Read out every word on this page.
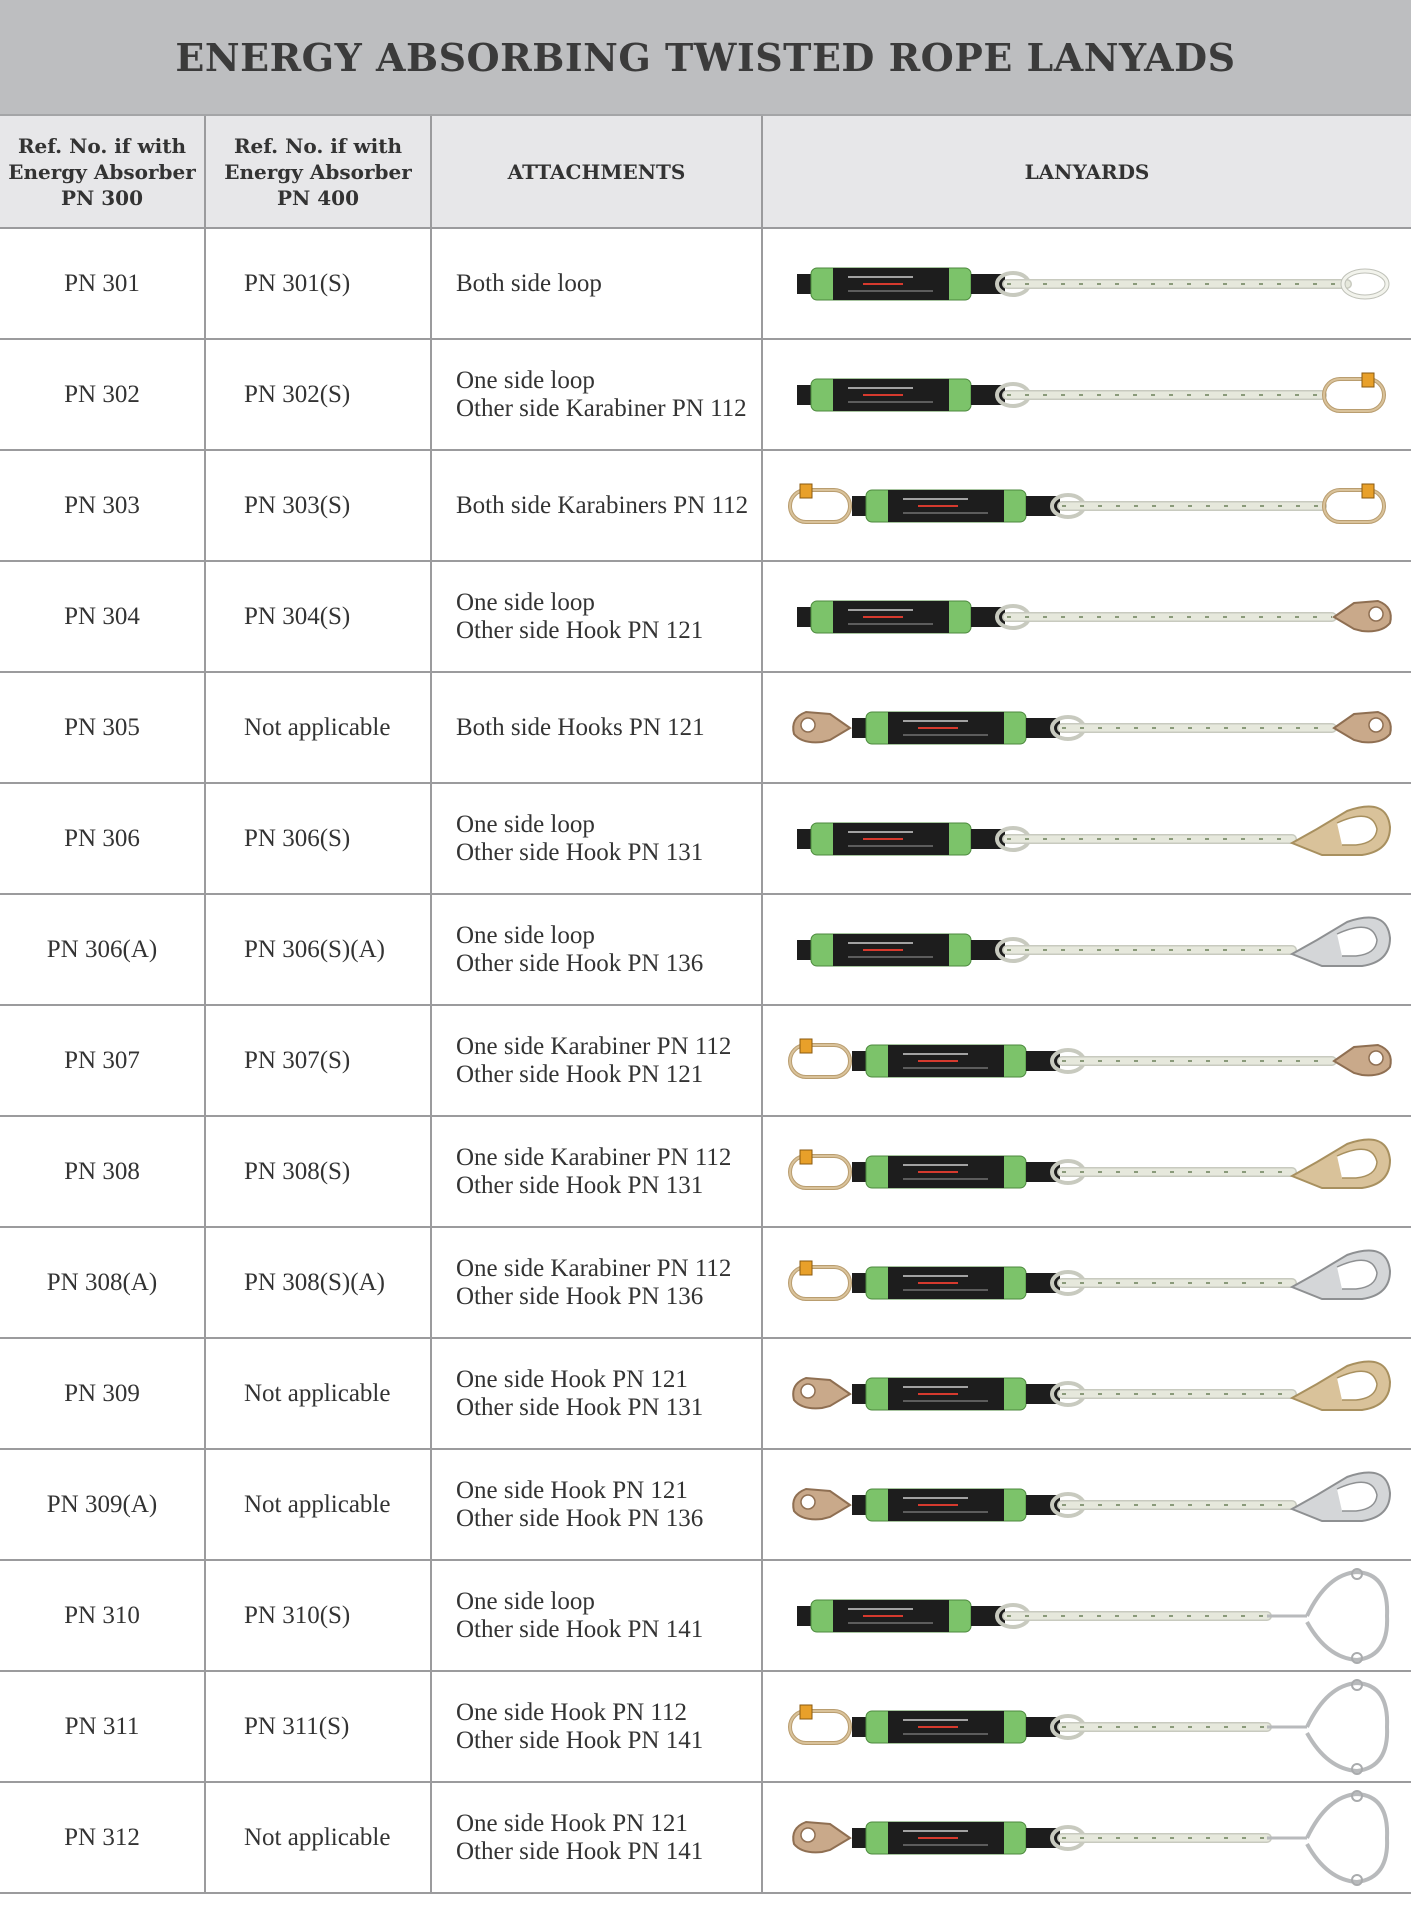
ENERGY ABSORBING TWISTED ROPE LANYADS
Ref. No. if with
Energy Absorber
PN 300	Ref. No. if with
Energy Absorber
PN 400	ATTACHMENTS	LANYARDS
PN 301	PN 301(S)	Both side loop

PN 302	PN 302(S)	One side loop
Other side Karabiner PN 112

PN 303	PN 303(S)	Both side Karabiners PN 112

PN 304	PN 304(S)	One side loop
Other side Hook PN 121

PN 305	Not applicable	Both side Hooks PN 121

PN 306	PN 306(S)	One side loop
Other side Hook PN 131

PN 306(A)	PN 306(S)(A)	One side loop
Other side Hook PN 136

PN 307	PN 307(S)	One side Karabiner PN 112
Other side Hook PN 121

PN 308	PN 308(S)	One side Karabiner PN 112
Other side Hook PN 131

PN 308(A)	PN 308(S)(A)	One side Karabiner PN 112
Other side Hook PN 136

PN 309	Not applicable	One side Hook PN 121
Other side Hook PN 131

PN 309(A)	Not applicable	One side Hook PN 121
Other side Hook PN 136

PN 310	PN 310(S)	One side loop
Other side Hook PN 141

PN 311	PN 311(S)	One side Hook PN 112
Other side Hook PN 141

PN 312	Not applicable	One side Hook PN 121
Other side Hook PN 141
